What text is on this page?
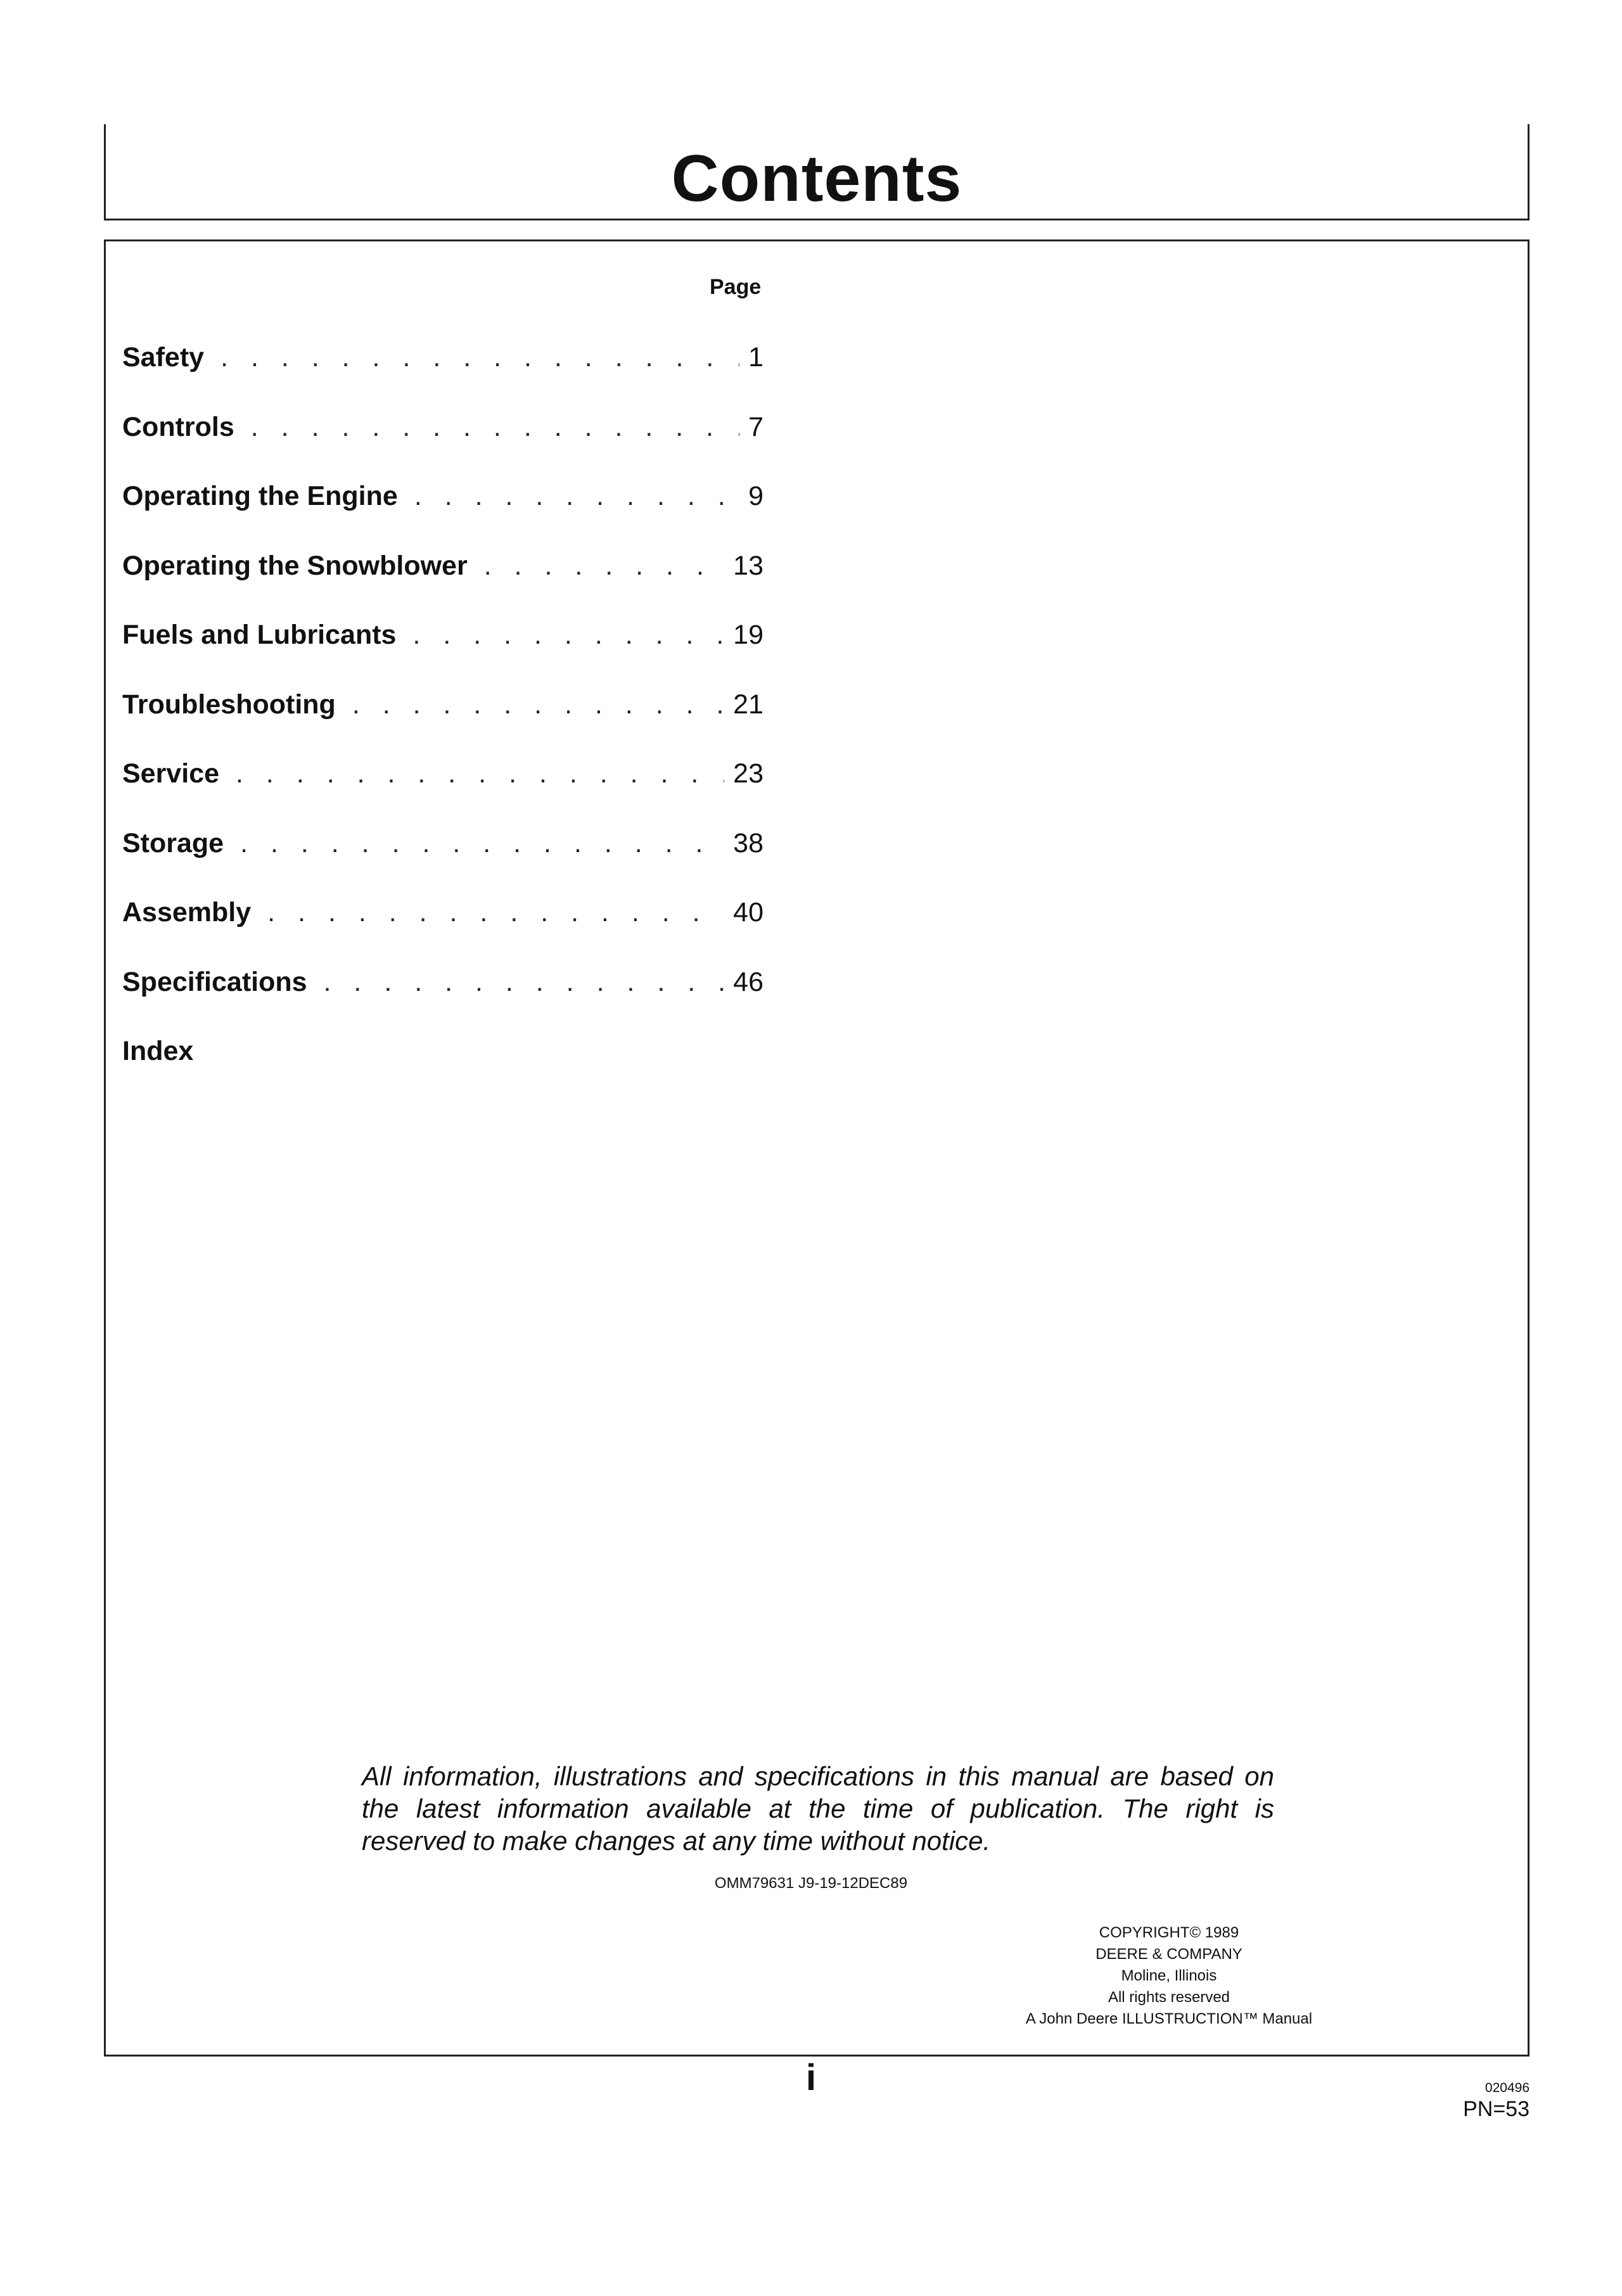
Contents
Page
Safety . . .	1
Controls . . .	7
Operating the Engine . . .	9
Operating the Snowblower . . .	13
Fuels and Lubricants . . .	19
Troubleshooting . . .	21
Service . . .	23
Storage . . .	38
Assembly . . .	40
Specifications . . .	46
Index
All information, illustrations and specifications in this manual are based on the latest information available at the time of publication. The right is reserved to make changes at any time without notice.
OMM79631 J9-19-12DEC89
COPYRIGHT© 1989
DEERE & COMPANY
Moline, Illinois
All rights reserved
A John Deere ILLUSTRUCTION™ Manual
i	020496
PN=53
